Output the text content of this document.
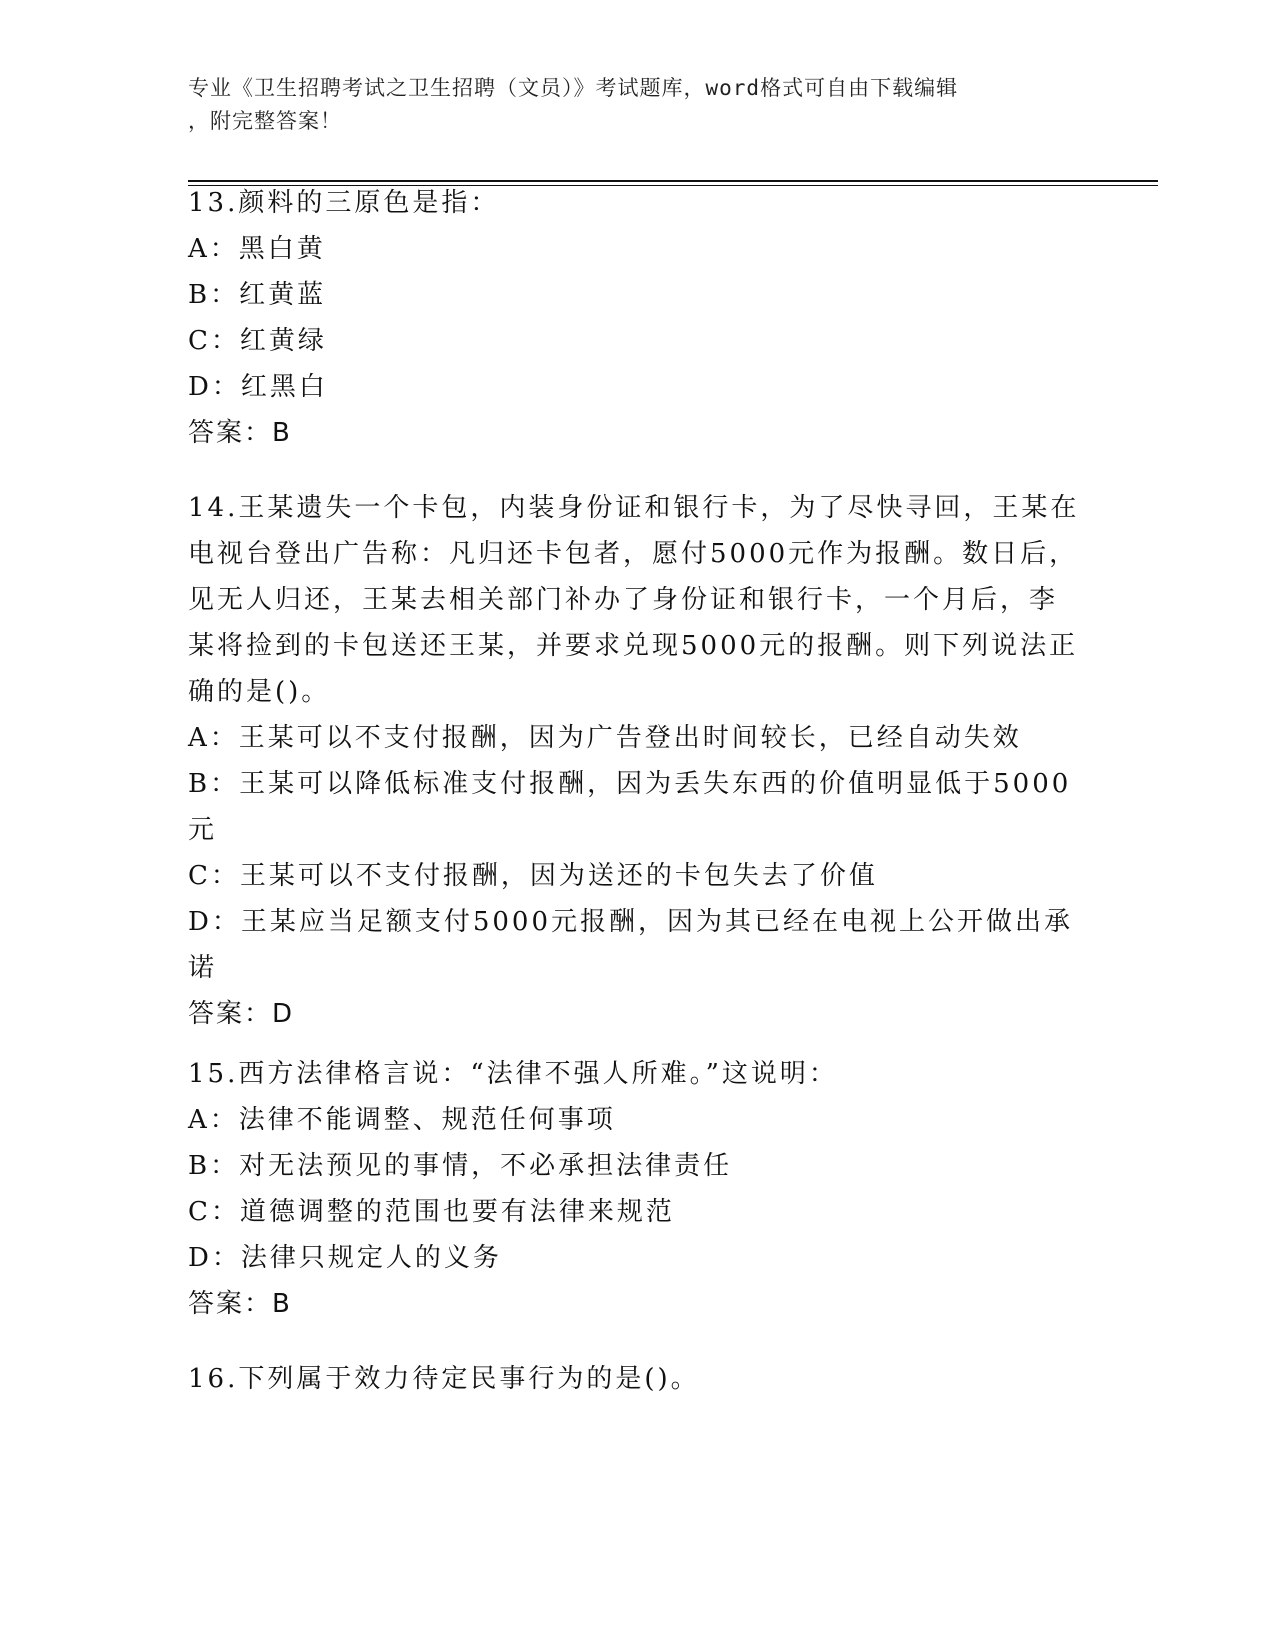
专业《卫生招聘考试之卫生招聘（文员）》考试题库，word格式可自由下载编辑
，附完整答案！
13.颜料的三原色是指：
A：黑白黄
B：红黄蓝
C：红黄绿
D：红黑白
答案：B
14.王某遗失一个卡包，内装身份证和银行卡，为了尽快寻回，王某在
电视台登出广告称：凡归还卡包者，愿付5000元作为报酬。数日后，
见无人归还，王某去相关部门补办了身份证和银行卡，一个月后，李
某将捡到的卡包送还王某，并要求兑现5000元的报酬。则下列说法正
确的是()。
A：王某可以不支付报酬，因为广告登出时间较长，已经自动失效
B：王某可以降低标准支付报酬，因为丢失东西的价值明显低于5000
元
C：王某可以不支付报酬，因为送还的卡包失去了价值
D：王某应当足额支付5000元报酬，因为其已经在电视上公开做出承
诺
答案：D
15.西方法律格言说：“法律不强人所难。”这说明：
A：法律不能调整、规范任何事项
B：对无法预见的事情，不必承担法律责任
C：道德调整的范围也要有法律来规范
D：法律只规定人的义务
答案：B
16.下列属于效力待定民事行为的是()。
